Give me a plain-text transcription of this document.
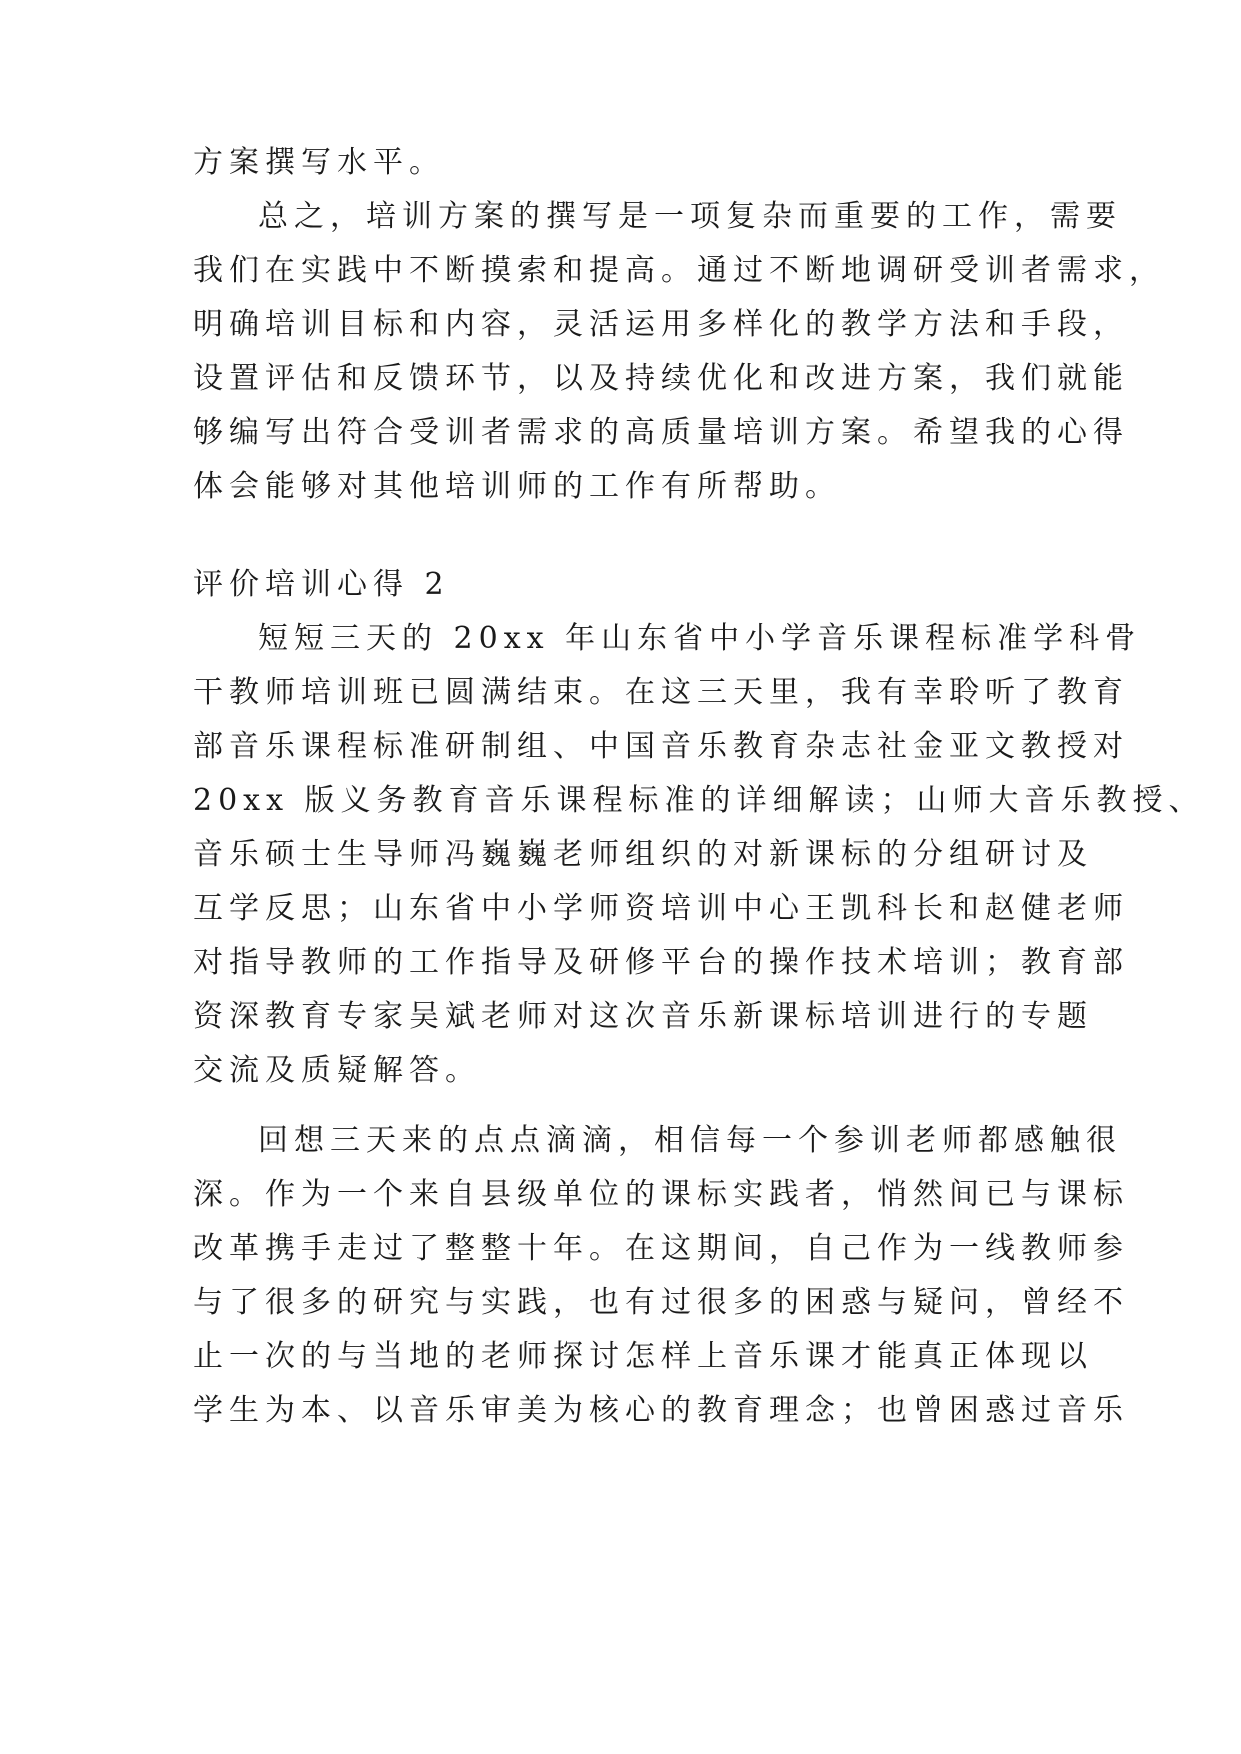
方案撰写水平。
总之，培训方案的撰写是一项复杂而重要的工作，需要
我们在实践中不断摸索和提高。通过不断地调研受训者需求，
明确培训目标和内容，灵活运用多样化的教学方法和手段，
设置评估和反馈环节，以及持续优化和改进方案，我们就能
够编写出符合受训者需求的高质量培训方案。希望我的心得
体会能够对其他培训师的工作有所帮助。
评价培训心得 2
短短三天的 20xx 年山东省中小学音乐课程标准学科骨
干教师培训班已圆满结束。在这三天里，我有幸聆听了教育
部音乐课程标准研制组、中国音乐教育杂志社金亚文教授对
20xx 版义务教育音乐课程标准的详细解读；山师大音乐教授、
音乐硕士生导师冯巍巍老师组织的对新课标的分组研讨及
互学反思；山东省中小学师资培训中心王凯科长和赵健老师
对指导教师的工作指导及研修平台的操作技术培训；教育部
资深教育专家吴斌老师对这次音乐新课标培训进行的专题
交流及质疑解答。
回想三天来的点点滴滴，相信每一个参训老师都感触很
深。作为一个来自县级单位的课标实践者，悄然间已与课标
改革携手走过了整整十年。在这期间，自己作为一线教师参
与了很多的研究与实践，也有过很多的困惑与疑问，曾经不
止一次的与当地的老师探讨怎样上音乐课才能真正体现以
学生为本、以音乐审美为核心的教育理念；也曾困惑过音乐
